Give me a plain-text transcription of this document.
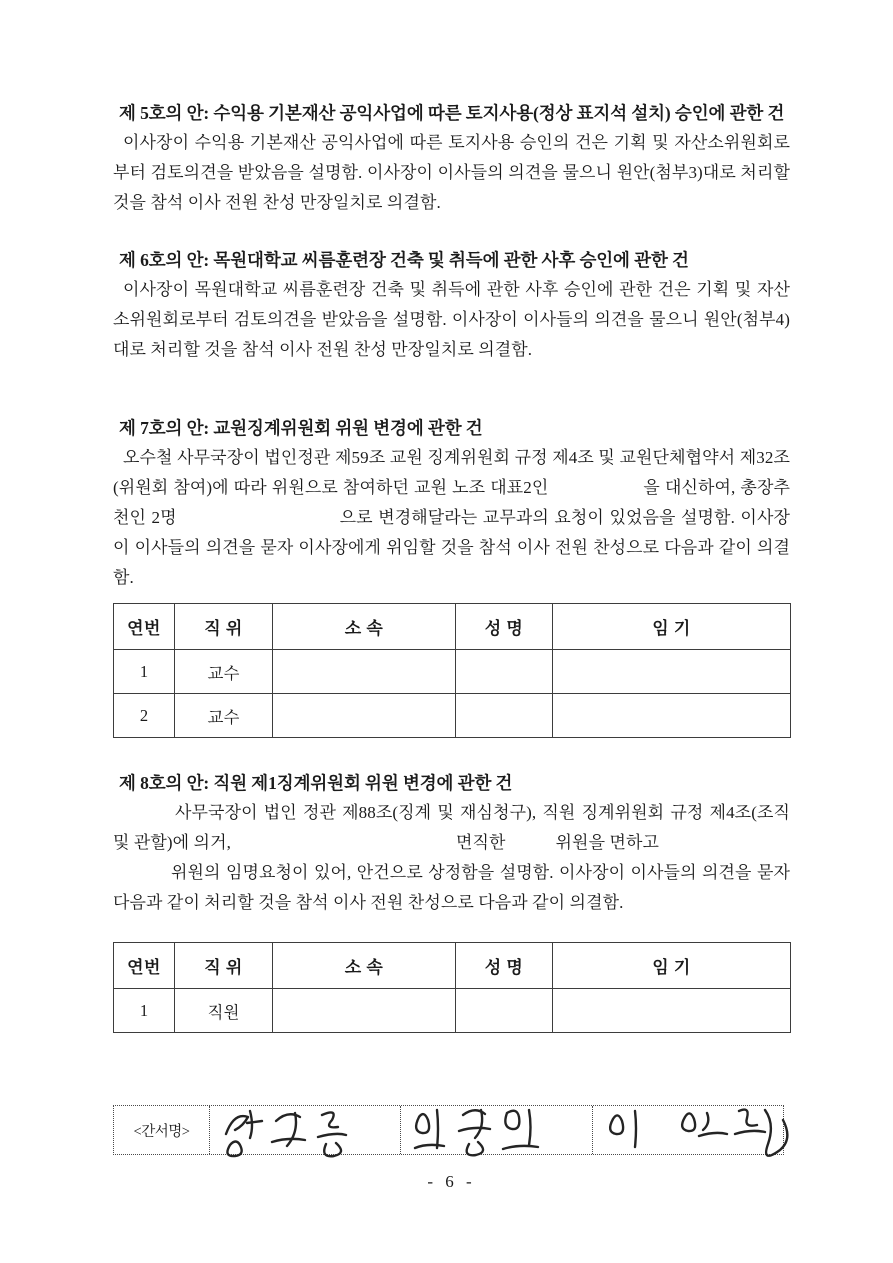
제 5호의 안: 수익용 기본재산 공익사업에 따른 토지사용(정상 표지석 설치) 승인에 관한 건

이사장이 수익용 기본재산 공익사업에 따른 토지사용 승인의 건은 기획 및 자산소위원회로부터 검토의견을 받았음을 설명함. 이사장이 이사들의 의견을 물으니 원안(첨부3)대로 처리할 것을 참석 이사 전원 찬성 만장일치로 의결함.

제 6호의 안: 목원대학교 씨름훈련장 건축 및 취득에 관한 사후 승인에 관한 건

이사장이 목원대학교 씨름훈련장 건축 및 취득에 관한 사후 승인에 관한 건은 기획 및 자산소위원회로부터 검토의견을 받았음을 설명함. 이사장이 이사들의 의견을 물으니 원안(첨부4)대로 처리할 것을 참석 이사 전원 찬성 만장일치로 의결함.

제 7호의 안: 교원징계위원회 위원 변경에 관한 건

오수철 사무국장이 법인정관 제59조 교원 징계위원회 규정 제4조 및 교원단체협약서 제32조(위원회 참여)에 따라 위원으로 참여하던 교원 노조 대표2인	을 대신하여, 총장추천인 2명	으로 변경해달라는 교무과의 요청이 있었음을 설명함. 이사장이 이사들의 의견을 묻자 이사장에게 위임할 것을 참석 이사 전원 찬성으로 다음과 같이 의결함.

연번	직 위	소 속	성 명	임 기
1	교수			
2	교수			
제 8호의 안: 직원 제1징계위원회 위원 변경에 관한 건

사무국장이 법인 정관 제88조(징계 및 재심청구), 직원 징계위원회 규정 제4조(조직 및 관할)에 의거,	면직한	위원을 면하고

위원의 임명요청이 있어, 안건으로 상정함을 설명함. 이사장이 이사들의 의견을 묻자 다음과 같이 처리할 것을 참석 이사 전원 찬성으로 다음과 같이 의결함.

연번	직 위	소 속	성 명	임 기
1	직원			
<간서명>
- 6 -
